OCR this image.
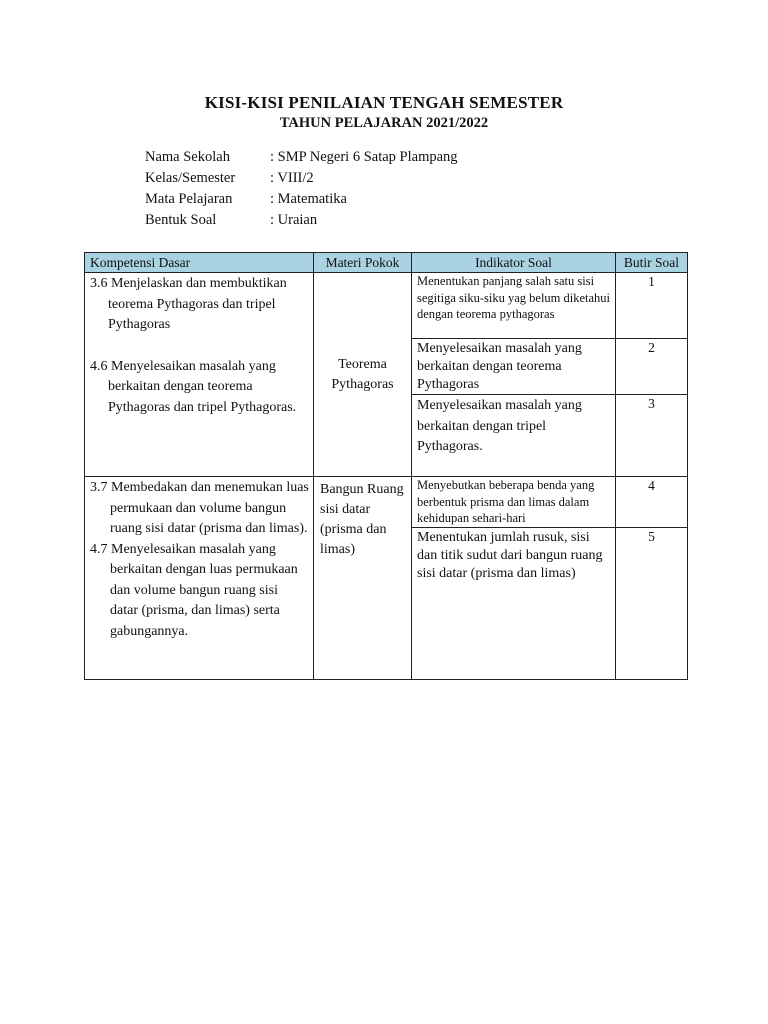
KISI-KISI PENILAIAN TENGAH SEMESTER
TAHUN PELAJARAN 2021/2022
Nama Sekolah	: SMP Negeri 6 Satap Plampang
Kelas/Semester	: VIII/2
Mata Pelajaran	: Matematika
Bentuk Soal	: Uraian
Kompetensi Dasar	Materi Pokok	Indikator Soal	Butir Soal

3.6 Menjelaskan dan membuktikan teorema Pythagoras dan tripel Pythagoras
4.6 Menyelesaikan masalah yang berkaitan dengan teorema Pythagoras dan tripel Pythagoras.	Teorema Pythagoras	Menentukan panjang salah satu sisi segitiga siku-siku yag belum diketahui dengan teorema pythagoras	1
		Menyelesaikan masalah yang berkaitan dengan teorema Pythagoras	2
		Menyelesaikan masalah yang berkaitan dengan tripel Pythagoras.	3

3.7 Membedakan dan menemukan luas permukaan dan volume bangun ruang sisi datar (prisma dan limas).
4.7 Menyelesaikan masalah yang berkaitan dengan luas permukaan dan volume bangun ruang sisi datar (prisma, dan limas) serta gabungannya.	Bangun Ruang sisi datar (prisma dan limas)	Menyebutkan beberapa benda yang berbentuk prisma dan limas dalam kehidupan sehari-hari	4
		Menentukan jumlah rusuk, sisi dan titik sudut dari bangun ruang sisi datar (prisma dan limas)	5
